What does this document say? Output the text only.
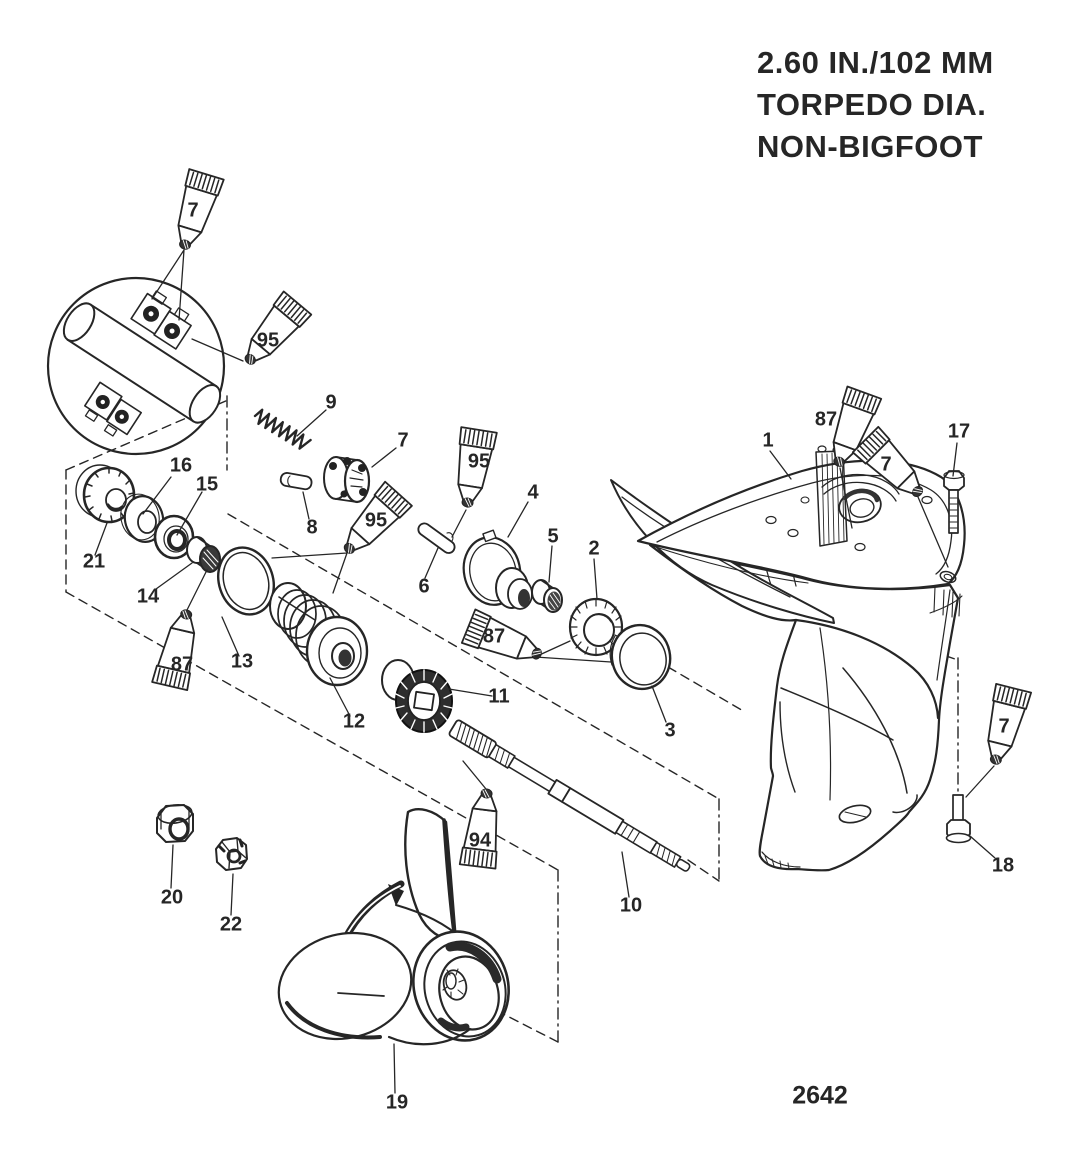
2.60 IN./102 MM
TORPEDO DIA.
NON-BIGFOOT
2642
7
95
9
7
95
95
8
16
15
21
14
87 13
12
11
6
4
5
2
87
3
1
87
7
17
7
18
94
10
20
22
19
